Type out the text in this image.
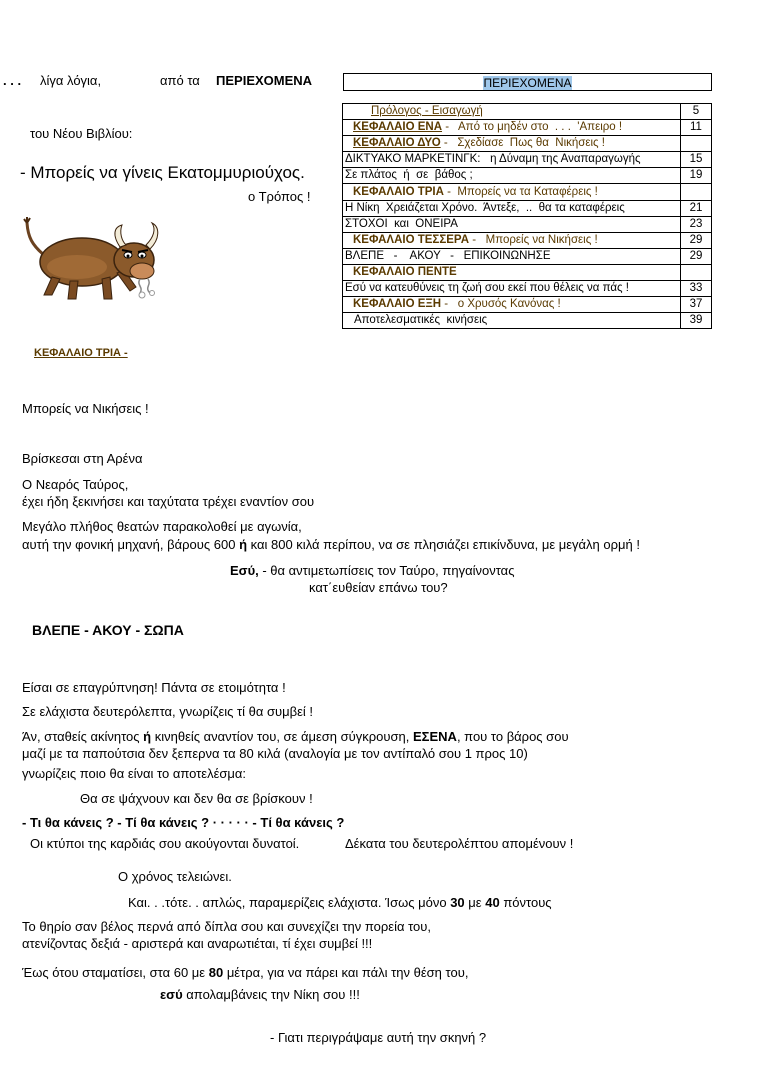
. . . λίγα λόγια,	από τα ΠΕΡΙΕΧΟΜΕΝΑ
του Νέου Βιβλίου:
- Μπορείς να γίνεις Εκατομμυριούχος.
ο Τρόπος !
ΚΕΦΑΛΑΙΟ ΤΡΙΑ -
ΠΕΡΙΕΧΟΜΕΝΑ
Πρόλογος - Εισαγωγή	5
ΚΕΦΑΛΑΙΟ ΕΝΑ -   Από το μηδέν στο  . . .  'Απειρο !	11
ΚΕΦΑΛΑΙΟ ΔΥΟ -   Σχεδίασε  Πως θα  Νικήσεις !	
ΔΙΚΤΥΑΚΟ ΜΑΡΚΕΤΙΝΓΚ:   η Δύναμη της Αναπαραγωγής	15
Σε πλάτος  ή  σε  βάθος ;	19
ΚΕΦΑΛΑΙΟ ΤΡΙΑ -  Μπορείς να τα Καταφέρεις !	
Η Νίκη  Χρειάζεται Χρόνο.  Άντεξε,  ..  θα τα καταφέρεις	21
ΣΤΟΧΟΙ  και  ΟΝΕΙΡΑ	23
ΚΕΦΑΛΑΙΟ ΤΕΣΣΕΡΑ -   Μπορείς να Νικήσεις !	29
ΒΛΕΠΕ   -    ΑΚΟΥ   -   ΕΠΙΚΟΙΝΩΝΗΣΕ	29
ΚΕΦΑΛΑΙΟ ΠΕΝΤΕ	
Εσύ να κατευθύνεις τη ζωή σου εκεί που θέλεις να πάς !	33
ΚΕΦΑΛΑΙΟ ΕΞΗ -   ο Χρυσός Κανόνας !	37
Αποτελεσματικές  κινήσεις	39
Μπορείς να Νικήσεις !
Βρίσκεσαι στη Αρένα
Ο Νεαρός Ταύρος,
έχει ήδη ξεκινήσει και ταχύτατα τρέχει εναντίον σου
Μεγάλο πλήθος θεατών παρακολοθεί με αγωνία,
αυτή την φονική μηχανή, βάρους 600 ή και 800 κιλά περίπου, να σε πλησιάζει επικίνδυνα, με μεγάλη ορμή !
Εσύ, - θα αντιμετωπίσεις τον Ταύρο, πηγαίνοντας
κατ΄ευθείαν επάνω του?
ΒΛΕΠΕ - ΑΚΟΥ - ΣΩΠΑ
Είσαι σε επαγρύπνηση! Πάντα σε ετοιμότητα !
Σε ελάχιστα δευτερόλεπτα, γνωρίζεις τί θα συμβεί !
Άν, σταθείς ακίνητος ή κινηθείς αναντίον του, σε άμεση σύγκρουση, ΕΣΕΝΑ, που το βάρος σου
μαζί με τα παπούτσια δεν ξεπερνα τα 80 κιλά (αναλογία με τον αντίπαλό σου 1 προς 10)
γνωρίζεις ποιο θα είναι το αποτελέσμα:
Θα σε ψάχνουν και δεν θα σε βρίσκουν !
- Τι θα κάνεις ? - Τί θα κάνεις ? · · · · · - Τί θα κάνεις ?
Οι κτύποι της καρδιάς σου ακούγονται δυνατοί.	Δέκατα του δευτερολέπτου απομένουν !
Ο χρόνος τελειώνει.
Και. . .τότε. . απλώς, παραμερίζεις ελάχιστα. Ίσως μόνο 30 με 40 πόντους
Το θηρίο σαν βέλος περνά από δίπλα σου και συνεχίζει την πορεία του,
ατενίζοντας δεξιά - αριστερά και αναρωτιέται, τί έχει συμβεί !!!
Έως ότου σταματίσει, στα 60 με 80 μέτρα, για να πάρει και πάλι την θέση του,
εσύ απολαμβάνεις την Νίκη σου !!!
- Γιατι περιγράψαμε αυτή την σκηνή ?
